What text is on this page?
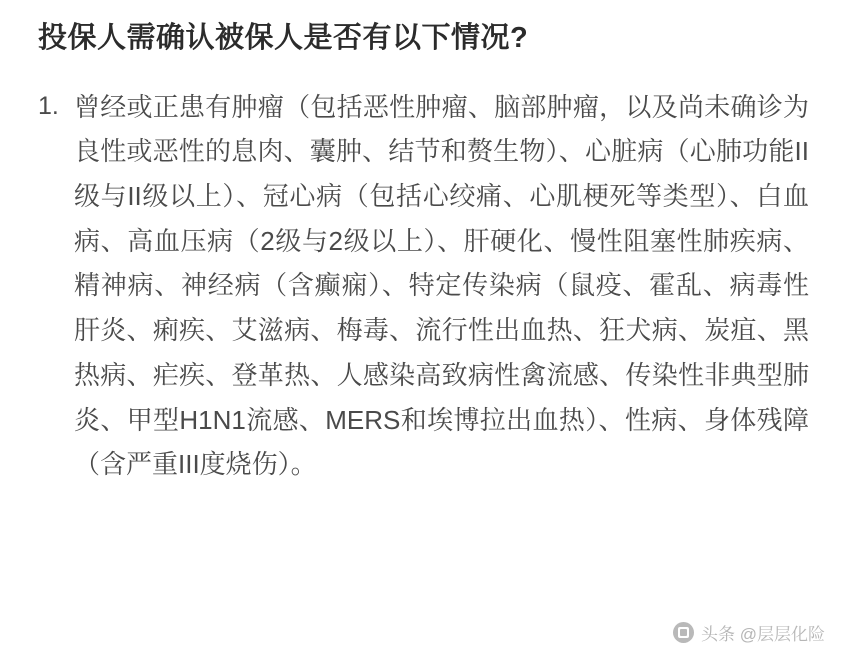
投保人需确认被保人是否有以下情况?
1. 曾经或正患有肿瘤（包括恶性肿瘤、脑部肿瘤，以及尚未确诊为良性或恶性的息肉、囊肿、结节和赘生物）、心脏病（心肺功能II级与II级以上）、冠心病（包括心绞痛、心肌梗死等类型）、白血病、高血压病（2级与2级以上）、肝硬化、慢性阻塞性肺疾病、精神病、神经病（含癫痫）、特定传染病（鼠疫、霍乱、病毒性肝炎、痢疾、艾滋病、梅毒、流行性出血热、狂犬病、炭疽、黑热病、疟疾、登革热、人感染高致病性禽流感、传染性非典型肺炎、甲型H1N1流感、MERS和埃博拉出血热）、性病、身体残障（含严重III度烧伤）。
头条 @层层化险
